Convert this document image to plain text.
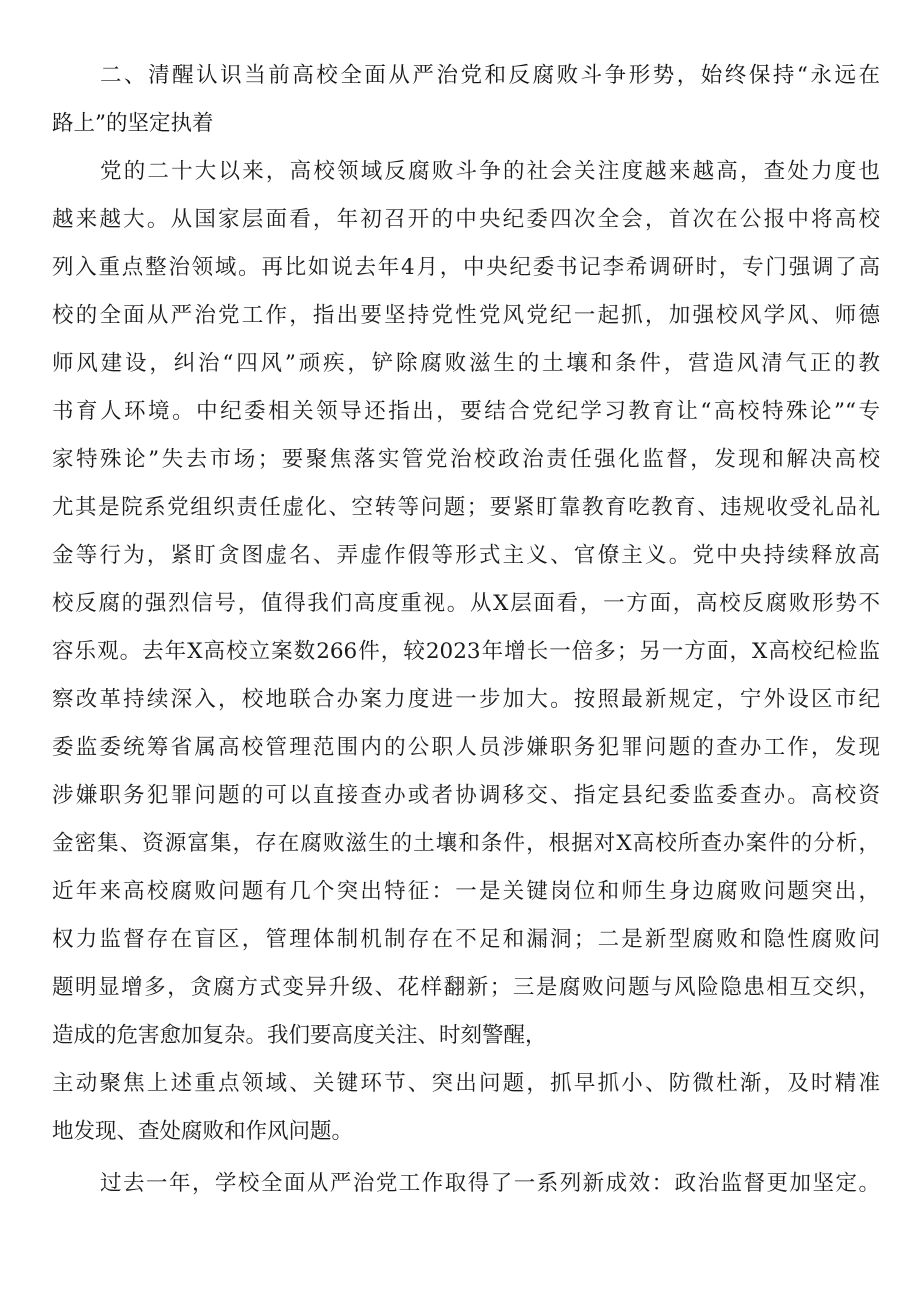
二、清醒认识当前高校全面从严治党和反腐败斗争形势，始终保持“永远在
路上”的坚定执着
党的二十大以来，高校领域反腐败斗争的社会关注度越来越高，查处力度也
越来越大。从国家层面看，年初召开的中央纪委四次全会，首次在公报中将高校
列入重点整治领域。再比如说去年4月，中央纪委书记李希调研时，专门强调了高
校的全面从严治党工作，指出要坚持党性党风党纪一起抓，加强校风学风、师德
师风建设，纠治“四风”顽疾，铲除腐败滋生的土壤和条件，营造风清气正的教
书育人环境。中纪委相关领导还指出，要结合党纪学习教育让“高校特殊论”“专
家特殊论”失去市场；要聚焦落实管党治校政治责任强化监督，发现和解决高校
尤其是院系党组织责任虚化、空转等问题；要紧盯靠教育吃教育、违规收受礼品礼
金等行为，紧盯贪图虚名、弄虚作假等形式主义、官僚主义。党中央持续释放高
校反腐的强烈信号，值得我们高度重视。从X层面看，一方面，高校反腐败形势不
容乐观。去年X高校立案数266件，较2023年增长一倍多；另一方面，X高校纪检监
察改革持续深入，校地联合办案力度进一步加大。按照最新规定，宁外设区市纪
委监委统筹省属高校管理范围内的公职人员涉嫌职务犯罪问题的查办工作，发现
涉嫌职务犯罪问题的可以直接查办或者协调移交、指定县纪委监委查办。高校资
金密集、资源富集，存在腐败滋生的土壤和条件，根据对X高校所查办案件的分析，
近年来高校腐败问题有几个突出特征：一是关键岗位和师生身边腐败问题突出，
权力监督存在盲区，管理体制机制存在不足和漏洞；二是新型腐败和隐性腐败问
题明显增多，贪腐方式变异升级、花样翻新；三是腐败问题与风险隐患相互交织，
造成的危害愈加复杂。我们要高度关注、时刻警醒，
主动聚焦上述重点领域、关键环节、突出问题，抓早抓小、防微杜渐，及时精准
地发现、查处腐败和作风问题。
过去一年，学校全面从严治党工作取得了一系列新成效：政治监督更加坚定。
